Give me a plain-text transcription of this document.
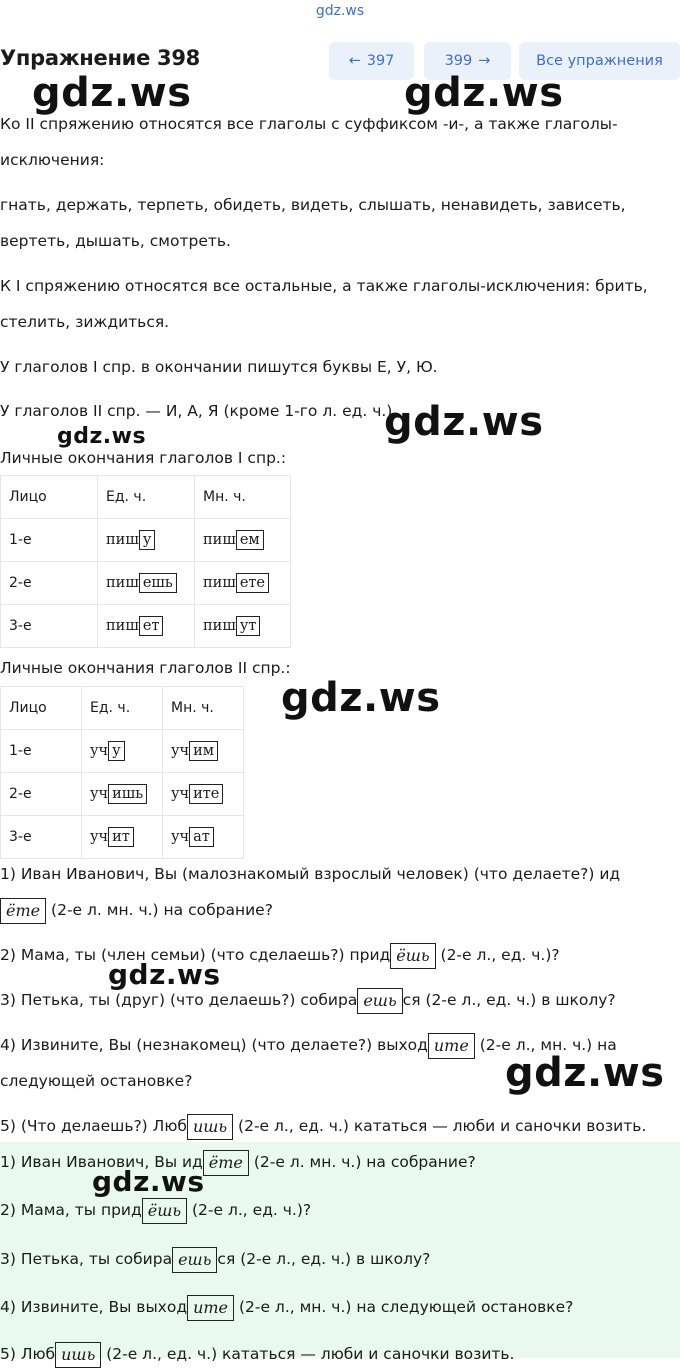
gdz.ws
Упражнение 398	← 397	399 →	Все упражнения
gdz.ws	gdz.ws
gdz.ws
gdz.ws
gdz.ws
gdz.ws
gdz.ws
Ко II спряжению относятся все глаголы с суффиксом -и-, а также глаголы-
исключения:
гнать, держать, терпеть, обидеть, видеть, слышать, ненавидеть, зависеть,
вертеть, дышать, смотреть.
К I спряжению относятся все остальные, а также глаголы-исключения: брить,
стелить, зиждиться.
У глаголов I спр. в окончании пишутся буквы Е, У, Ю.
У глаголов II спр. — И, А, Я (кроме 1-го л. ед. ч.).
Личные окончания глаголов I спр.:
Лицо	Ед. ч.	Мн. ч.
1-е	пиш у	пиш ем
2-е	пиш ешь	пиш ете
3-е	пиш ет	пиш ут
Личные окончания глаголов II спр.:
Лицо	Ед. ч.	Мн. ч.
1-е	уч у	уч им
2-е	уч ишь	уч ите
3-е	уч ит	уч ат
1) Иван Иванович, Вы (малознакомый взрослый человек) (что делаете?) ид
ёте (2-е л. мн. ч.) на собрание?
2) Мама, ты (член семьи) (что сделаешь?) прид ёшь (2-е л., ед. ч.)?
3) Петька, ты (друг) (что делаешь?) собира ешь ся (2-е л., ед. ч.) в школу?
4) Извините, Вы (незнакомец) (что делаете?) выход ите (2-е л., мн. ч.) на
следующей остановке?
5) (Что делаешь?) Люб ишь (2-е л., ед. ч.) кататься — люби и саночки возить.
1) Иван Иванович, Вы ид ёте (2-е л. мн. ч.) на собрание?
2) Мама, ты прид ёшь (2-е л., ед. ч.)?
3) Петька, ты собира ешь ся (2-е л., ед. ч.) в школу?
4) Извините, Вы выход ите (2-е л., мн. ч.) на следующей остановке?
5) Люб ишь (2-е л., ед. ч.) кататься — люби и саночки возить.
gdz.ws
